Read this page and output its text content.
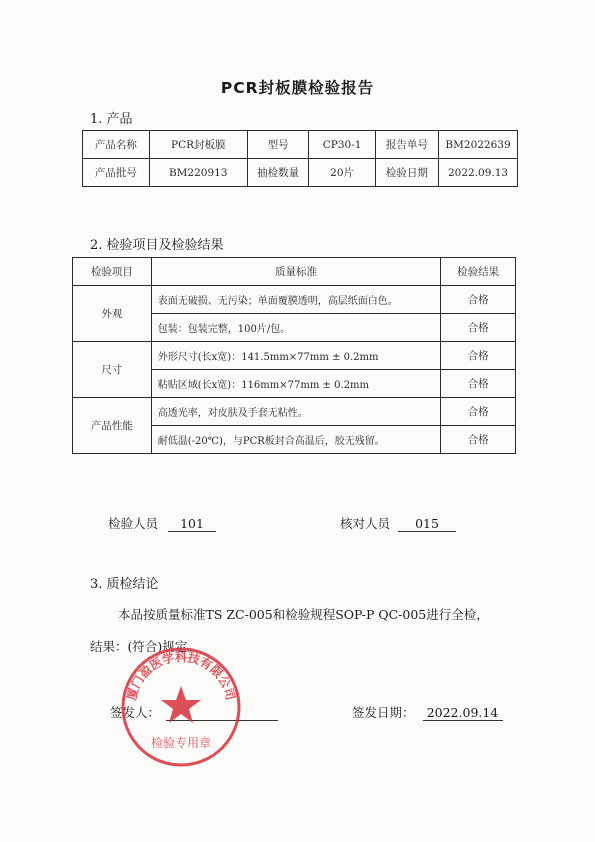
PCR封板膜检验报告
1. 产品
产品名称	PCR封板膜	型号	CP30-1	报告单号	BM2022639
产品批号	BM220913	抽检数量	20片	检验日期	2022.09.13
2. 检验项目及检验结果
检验项目	质量标准	检验结果
外观	表面无破损、无污染；单面覆膜透明，高层纸面白色。	合格
	包装：包装完整，100片/包。	合格
尺寸	外形尺寸(长x宽)：141.5mm×77mm ± 0.2mm	合格
	粘贴区域(长x宽)：116mm×77mm ± 0.2mm	合格
产品性能	高透光率，对皮肤及手套无粘性。	合格
	耐低温(-20℃)，与PCR板封合高温后，胶无残留。	合格
检验人员 101	核对人员 015
3. 质检结论
本品按质量标准TS ZC-005和检验规程SOP-P QC-005进行全检，
结果：(符合)规定。
签发人：	签发日期： 2022.09.14
厦门盈医学科技有限公司
检验专用章
